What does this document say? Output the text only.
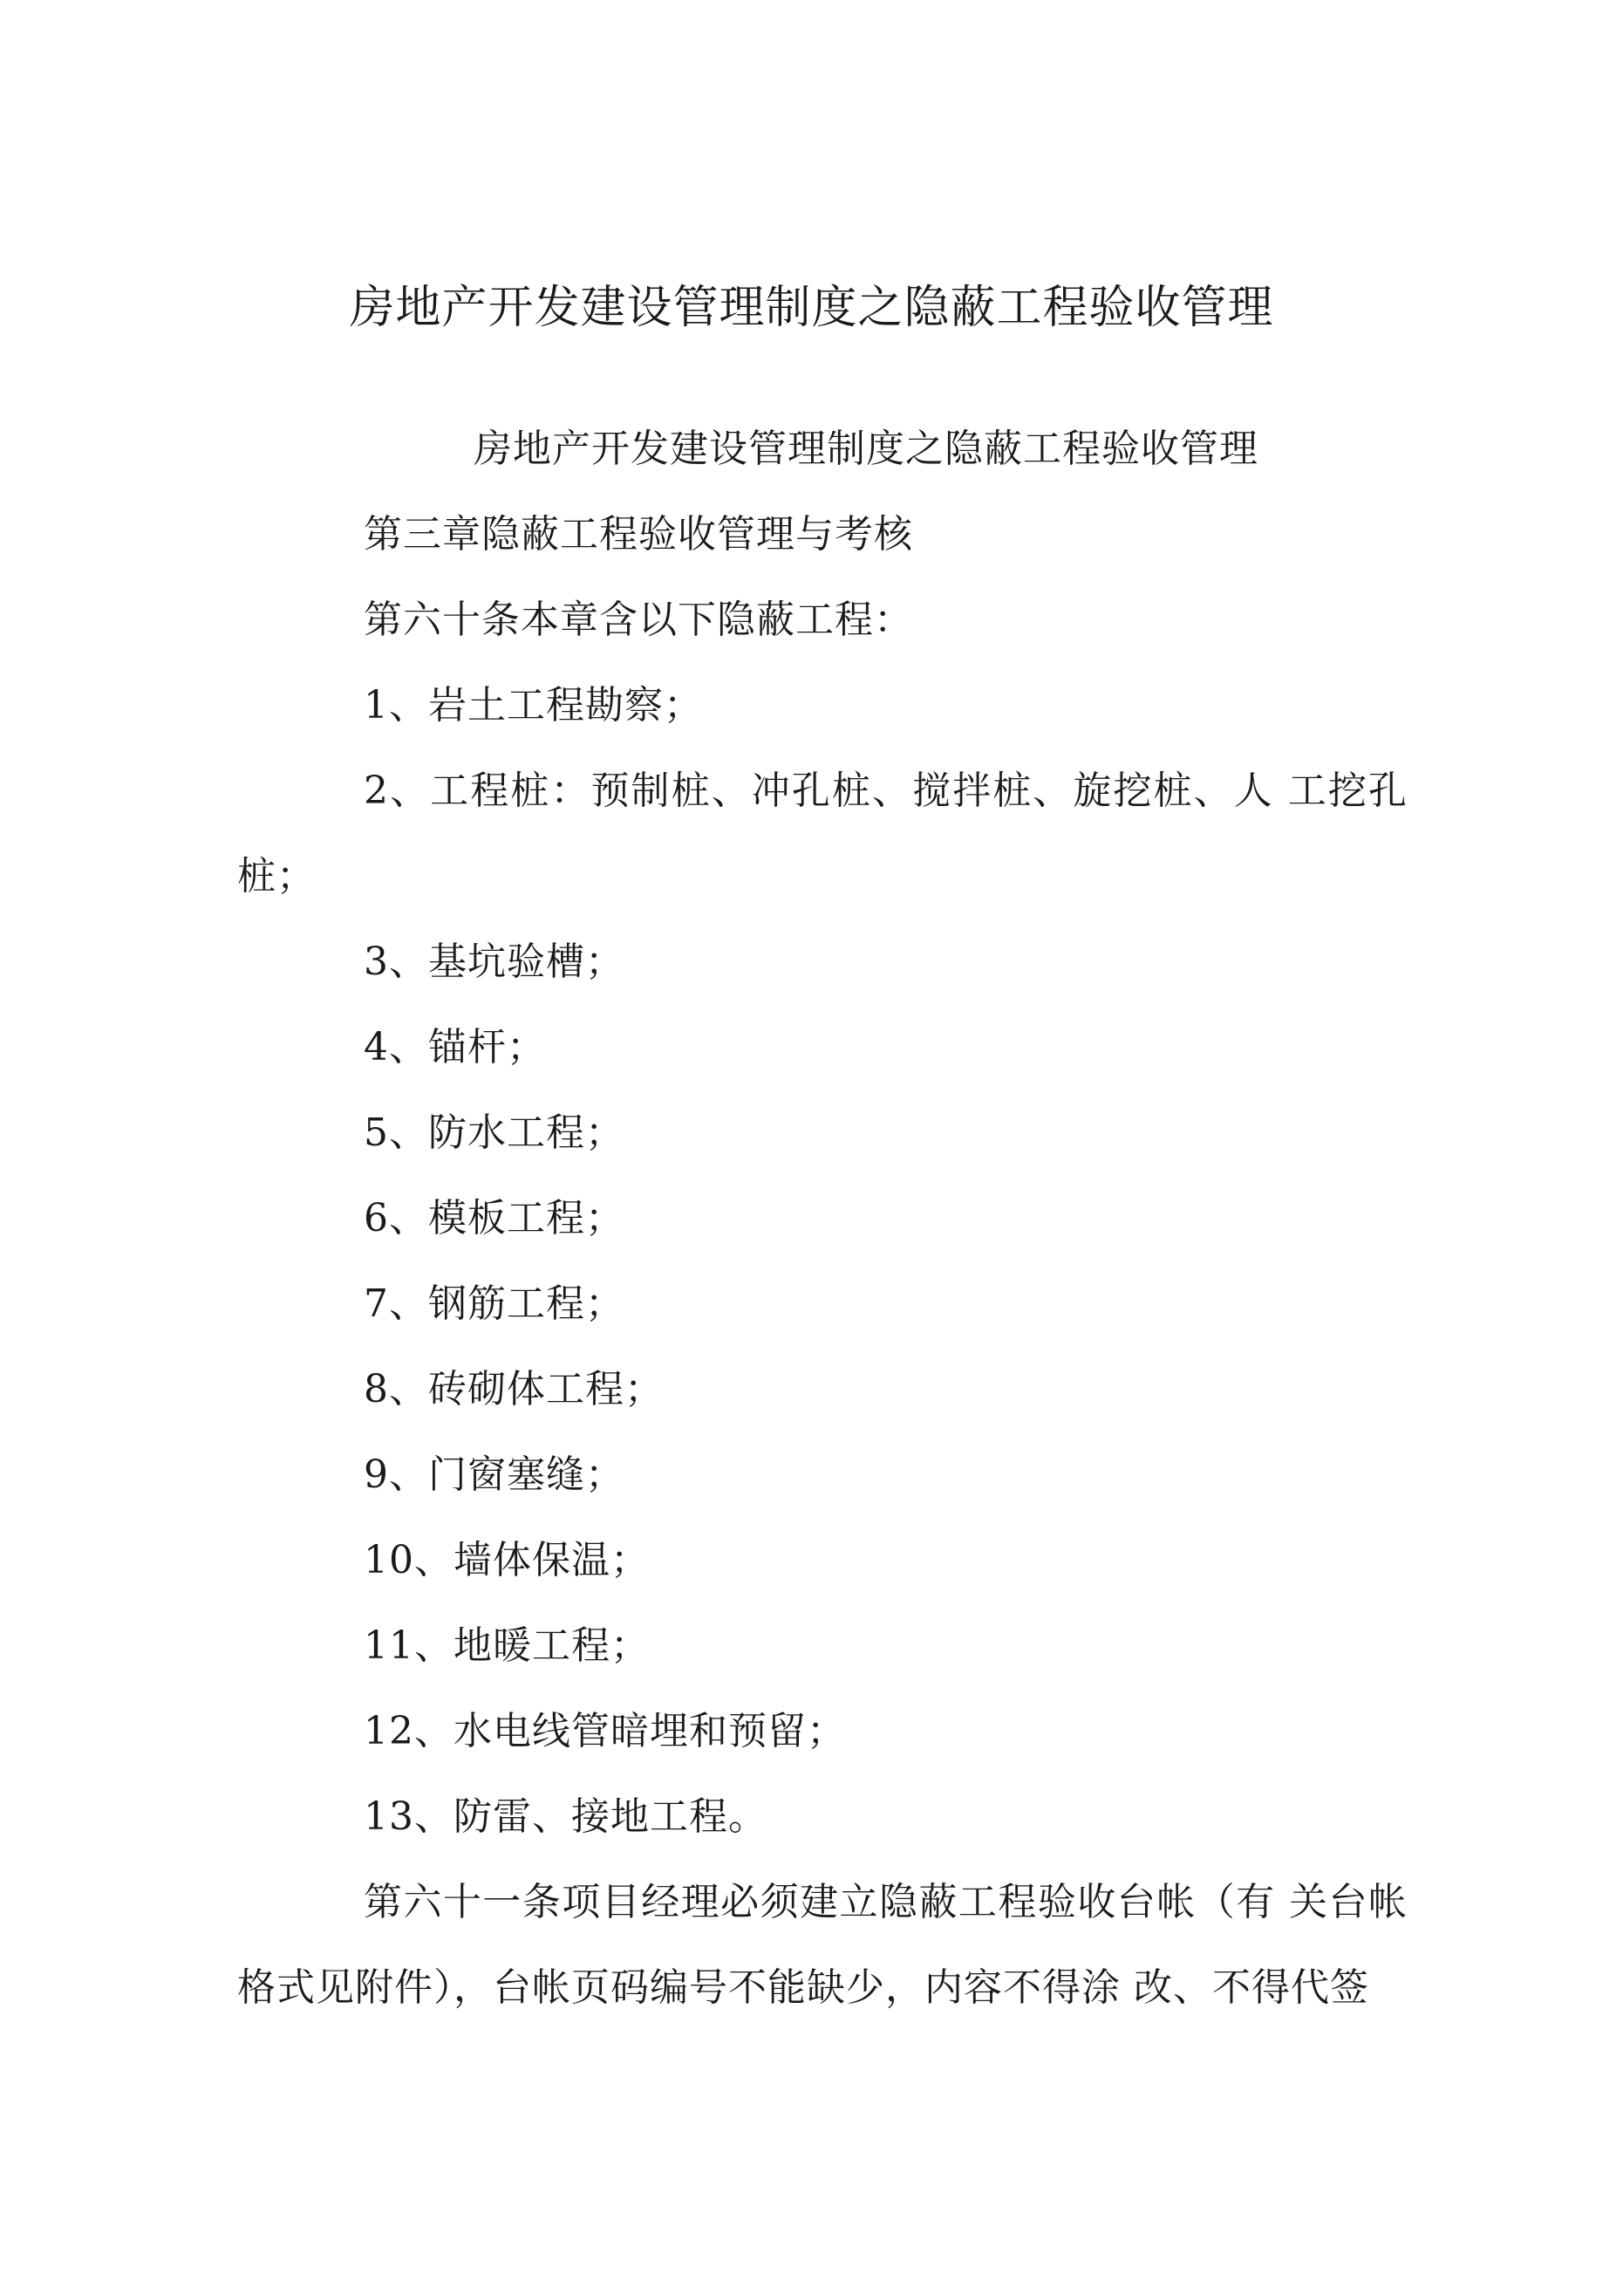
房地产开发建设管理制度之隐蔽工程验收管理

房地产开发建设管理制度之隐蔽工程验收管理

第三章隐蔽工程验收管理与考核

第六十条本章含以下隐蔽工程：

1、岩土工程勘察；

2、工程桩：预制桩、冲孔桩、搅拌桩、旋挖桩、人 工挖孔桩；

3、基坑验槽；

4、锚杆；

5、防水工程；

6、模板工程；

7、钢筋工程；

8、砖砌体工程；

9、门窗塞缝；

10、墙体保温；

11、地暖工程；

12、水电线管暗埋和预留；

13、防雷、接地工程。

第六十一条项目经理必须建立隐蔽工程验收台帐（有 关台帐格式见附件），台帐页码编号不能缺少，内容不得涂 改、不得代签
